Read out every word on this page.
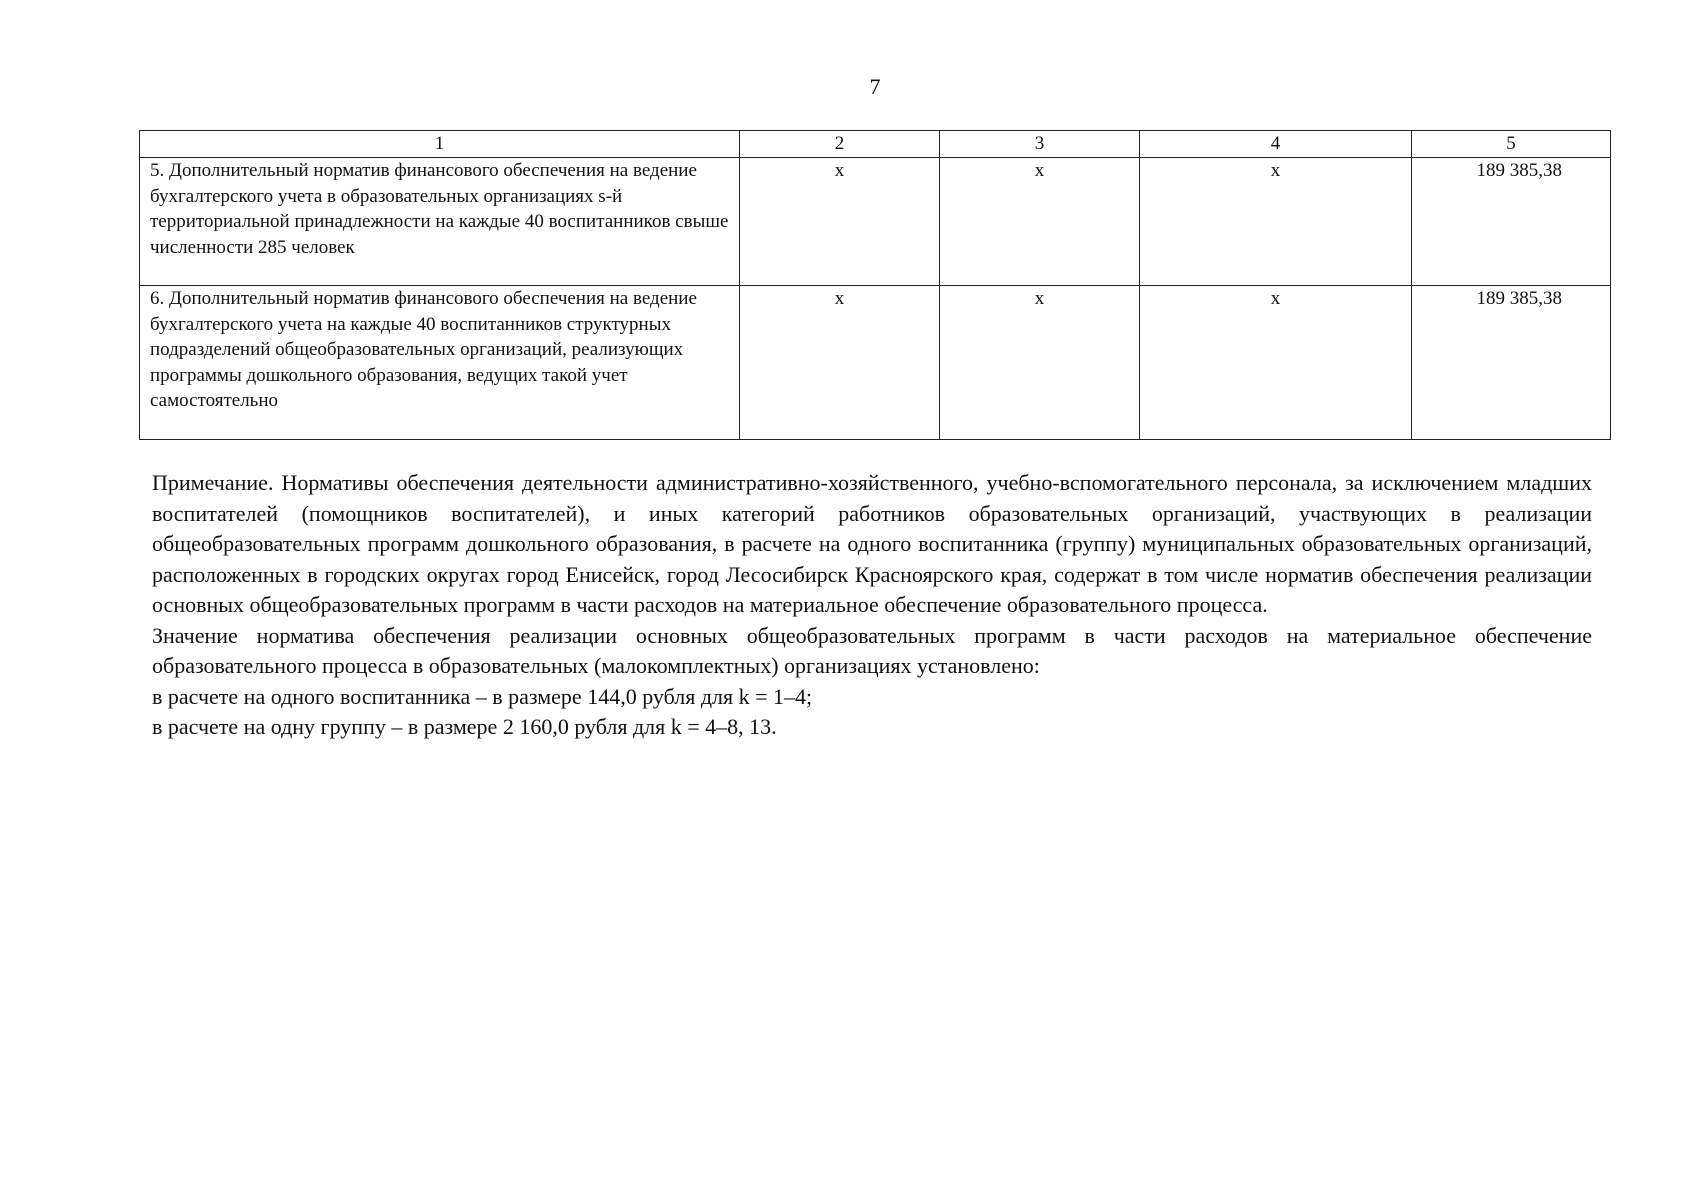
7
1	2	3	4	5
5. Дополнительный норматив финансового обеспечения на ведение бухгалтерского учета в образовательных организациях s-й территориальной принадлежности на каждые 40 воспитанников свыше численности 285 человек	х	х	х	189 385,38
6. Дополнительный норматив финансового обеспечения на ведение бухгалтерского учета на каждые 40 воспитанников структурных подразделений общеобразовательных организаций, реализующих программы дошкольного образования, ведущих такой учет самостоятельно	х	х	х	189 385,38

Примечание. Нормативы обеспечения деятельности административно-хозяйственного, учебно-вспомогательного персонала, за исключением младших воспитателей (помощников воспитателей), и иных категорий работников образовательных организаций, участвующих в реализации общеобразовательных программ дошкольного образования, в расчете на одного воспитанника (группу) муниципальных образовательных организаций, расположенных в городских округах город Енисейск, город Лесосибирск Красноярского края, содержат в том числе норматив обеспечения реализации основных общеобразовательных программ в части расходов на материальное обеспечение образовательного процесса.

Значение норматива обеспечения реализации основных общеобразовательных программ в части расходов на материальное обеспечение образовательного процесса в образовательных (малокомплектных) организациях установлено:

в расчете на одного воспитанника – в размере 144,0 рубля для k = 1–4;

в расчете на одну группу – в размере 2 160,0 рубля для k = 4–8, 13.
